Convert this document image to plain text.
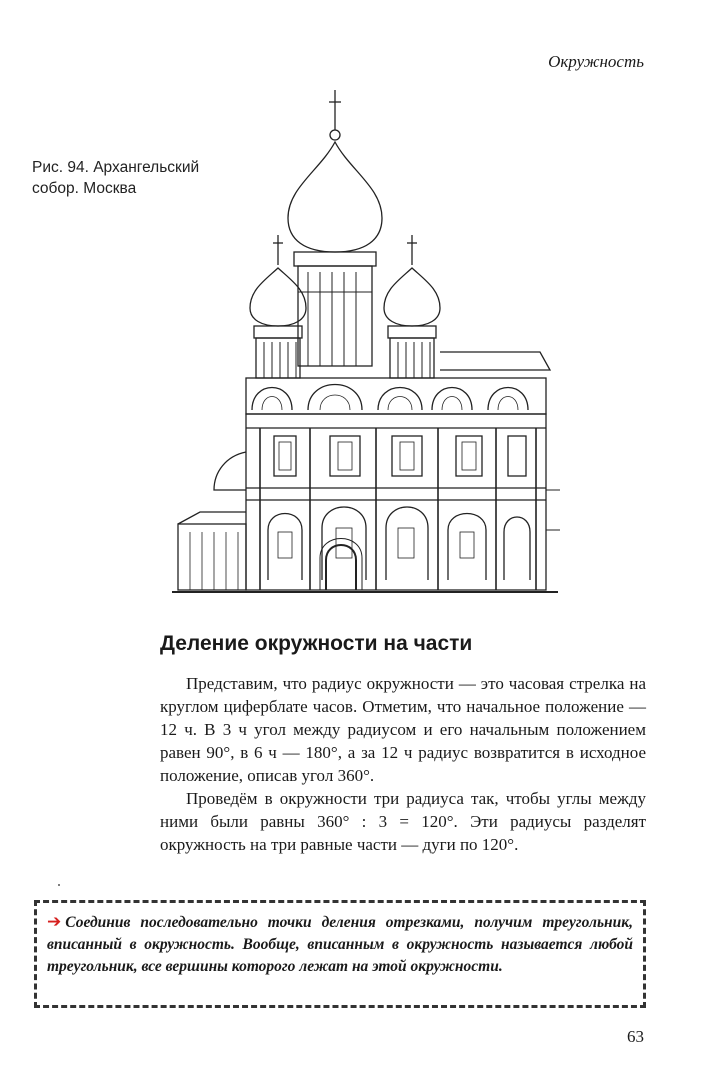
Окружность
Рис. 94. Архангельский собор. Москва
Деление окружности на части

Представим, что радиус окружности — это часовая стрелка на круглом циферблате часов. Отметим, что начальное положение — 12 ч. В 3 ч угол между радиусом и его начальным положением равен 90°, в 6 ч — 180°, а за 12 ч радиус возвратится в исходное положение, описав угол 360°.

Проведём в окружности три радиуса так, чтобы углы между ними были равны 360° : 3 = 120°. Эти радиусы разделят окружность на три равные части — дуги по 120°.

➔ Соединив последовательно точки деления отрезками, получим треугольник, вписанный в окружность. Вообще, вписанным в окружность называется любой треугольник, все вершины которого лежат на этой окружности.
63
